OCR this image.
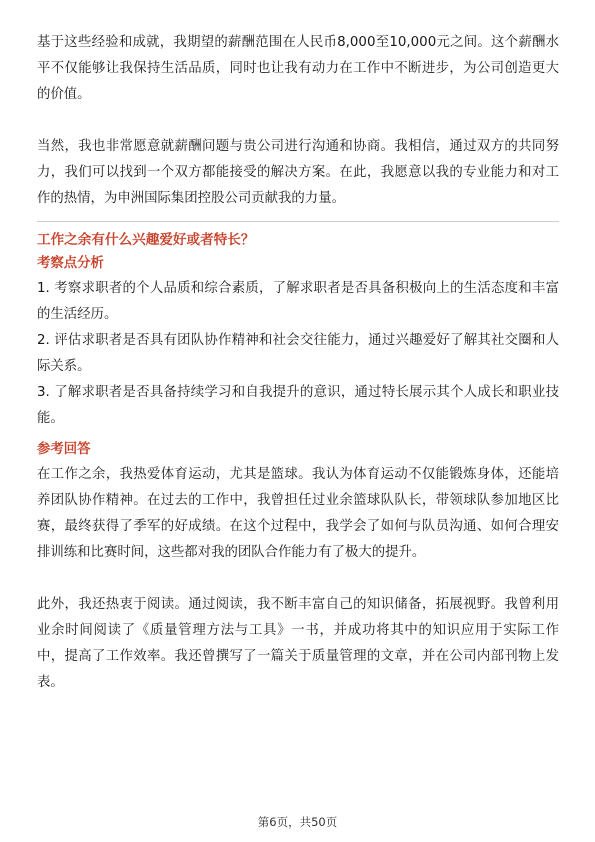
基于这些经验和成就，我期望的薪酬范围在人民币8,000至10,000元之间。这个薪酬水平不仅能够让我保持生活品质，同时也让我有动力在工作中不断进步，为公司创造更大的价值。

当然，我也非常愿意就薪酬问题与贵公司进行沟通和协商。我相信，通过双方的共同努力，我们可以找到一个双方都能接受的解决方案。在此，我愿意以我的专业能力和对工作的热情，为申洲国际集团控股公司贡献我的力量。

工作之余有什么兴趣爱好或者特长？

考察点分析

1. 考察求职者的个人品质和综合素质，了解求职者是否具备积极向上的生活态度和丰富的生活经历。

2. 评估求职者是否具有团队协作精神和社会交往能力，通过兴趣爱好了解其社交圈和人际关系。

3. 了解求职者是否具备持续学习和自我提升的意识，通过特长展示其个人成长和职业技能。

参考回答

在工作之余，我热爱体育运动，尤其是篮球。我认为体育运动不仅能锻炼身体，还能培养团队协作精神。在过去的工作中，我曾担任过业余篮球队队长，带领球队参加地区比赛，最终获得了季军的好成绩。在这个过程中，我学会了如何与队员沟通、如何合理安排训练和比赛时间，这些都对我的团队合作能力有了极大的提升。

此外，我还热衷于阅读。通过阅读，我不断丰富自己的知识储备，拓展视野。我曾利用业余时间阅读了《质量管理方法与工具》一书，并成功将其中的知识应用于实际工作中，提高了工作效率。我还曾撰写了一篇关于质量管理的文章，并在公司内部刊物上发表。

第6页，共50页
